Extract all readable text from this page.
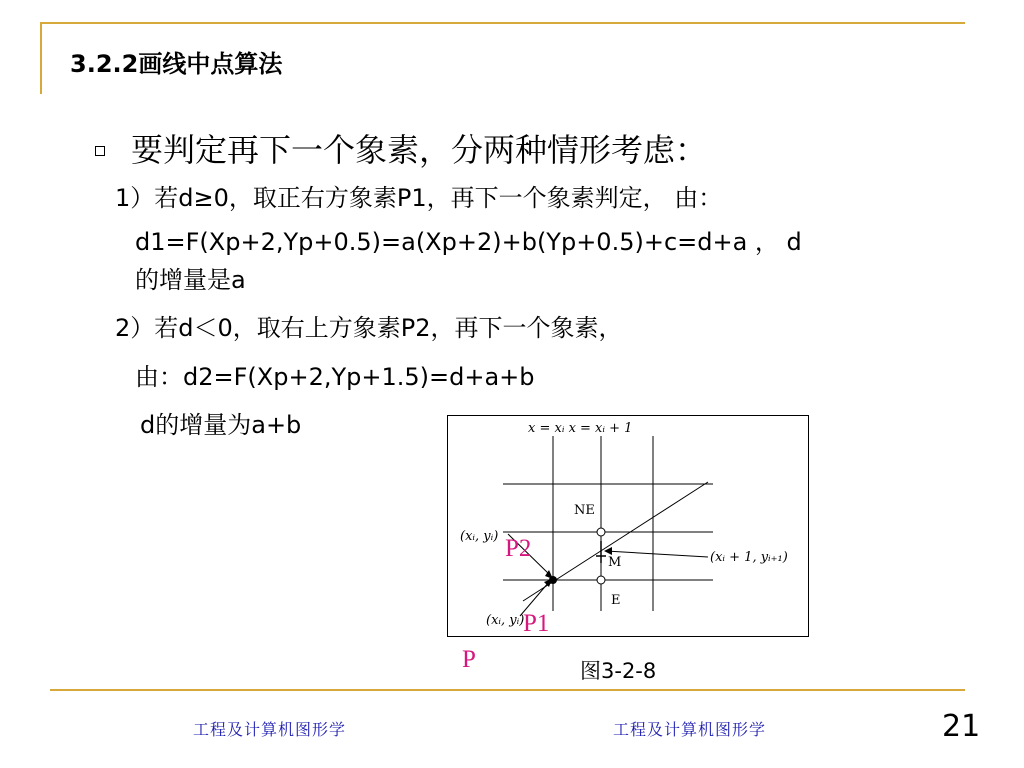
3.2.2画线中点算法
要判定再下一个象素，分两种情形考虑：
1）若d≥0，取正右方象素P1，再下一个象素判定， 由：
d1=F(Xp+2,Yp+0.5)=a(Xp+2)+b(Yp+0.5)+c=d+a ， d
的增量是a
2）若d＜0，取右上方象素P2，再下一个象素，
由：d2=F(Xp+2,Yp+1.5)=d+a+b
d的增量为a+b	x = xᵢ x = xᵢ + 1
NE
M
E
(xᵢ, yᵢ)
(xᵢ, yᵢ)
(xᵢ + 1, yᵢ₊₁)
P2
P1
P	图3-2-8
工程及计算机图形学	工程及计算机图形学	21
